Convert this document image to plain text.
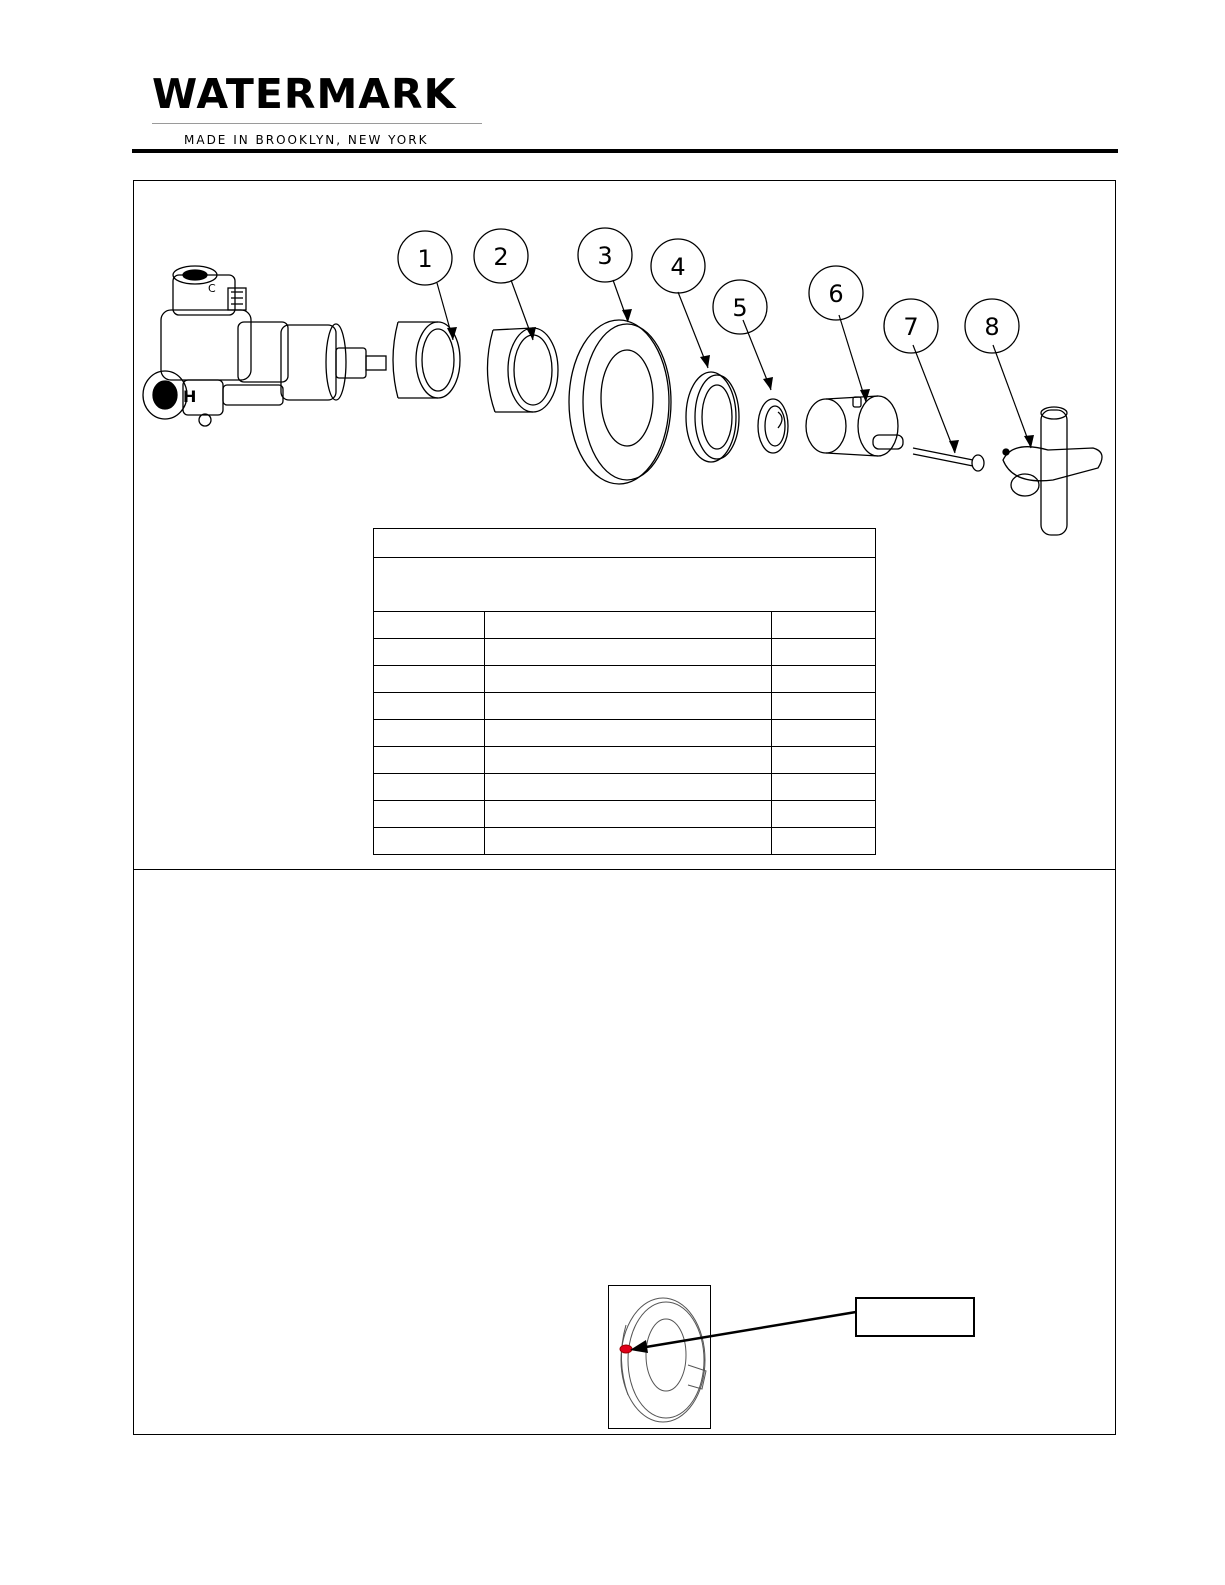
WATERMARK
MADE IN BROOKLYN, NEW YORK
C
H
1	2	3 4
5	6
7	8
